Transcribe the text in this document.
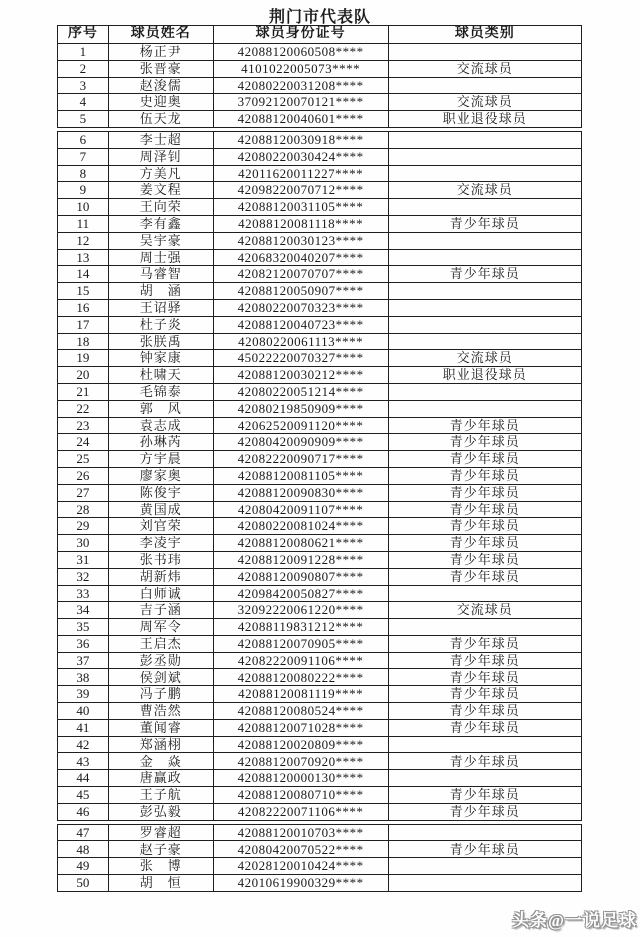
荆门市代表队
序号	球员姓名	球员身份证号	球员类别
1	杨正尹	42088120060508****	
2	张晋豪	4101022005073****	交流球员
3	赵浚儒	42080220031208****	
4	史迎奥	37092120070121****	交流球员
5	伍天龙	42088120040601****	职业退役球员
6	李士超	42088120030918****	
7	周泽钊	42080220030424****	
8	方美凡	42011620011227****	
9	姜文程	42098220070712****	交流球员
10	王向荣	42088120031105****	
11	李有鑫	42088120081118****	青少年球员
12	吴宇豪	42088120030123****	
13	周士强	42068320040207****	
14	马睿智	42082120070707****	青少年球员
15	胡　涵	42088120050907****	
16	王诏驿	42080220070323****	
17	杜子炎	42088120040723****	
18	张朕禹	42080220061113****	
19	钟家康	45022220070327****	交流球员
20	杜啸天	42088120030212****	职业退役球员
21	毛锦泰	42080220051214****	
22	郭　风	42080219850909****	
23	袁志成	42062520091120****	青少年球员
24	孙琳芮	42080420090909****	青少年球员
25	方宇晨	42082220090717****	青少年球员
26	廖家奥	42088120081105****	青少年球员
27	陈俊宇	42088120090830****	青少年球员
28	黄国成	42080420091107****	青少年球员
29	刘官荣	42080220081024****	青少年球员
30	李凌宇	42088120080621****	青少年球员
31	张书玮	42088120091228****	青少年球员
32	胡新炜	42088120090807****	青少年球员
33	白师诚	42098420050827****	
34	吉子涵	32092220061220****	交流球员
35	周军令	42088119831212****	
36	王启杰	42088120070905****	青少年球员
37	彭丞勋	42082220091106****	青少年球员
38	侯剑斌	42088120080222****	青少年球员
39	冯子鹏	42088120081119****	青少年球员
40	曹浩然	42088120080524****	青少年球员
41	董闻睿	42088120071028****	青少年球员
42	郑涵栩	42088120020809****	
43	金　焱	42088120070920****	青少年球员
44	唐赢政	42088120000130****	
45	王子航	42088120080710****	青少年球员
46	彭弘毅	42082220071106****	青少年球员
47	罗睿超	42088120010703****	
48	赵子豪	42080420070522****	青少年球员
49	张　博	42028120010424****	
50	胡　恒	42010619900329****	
头条@一说足球
